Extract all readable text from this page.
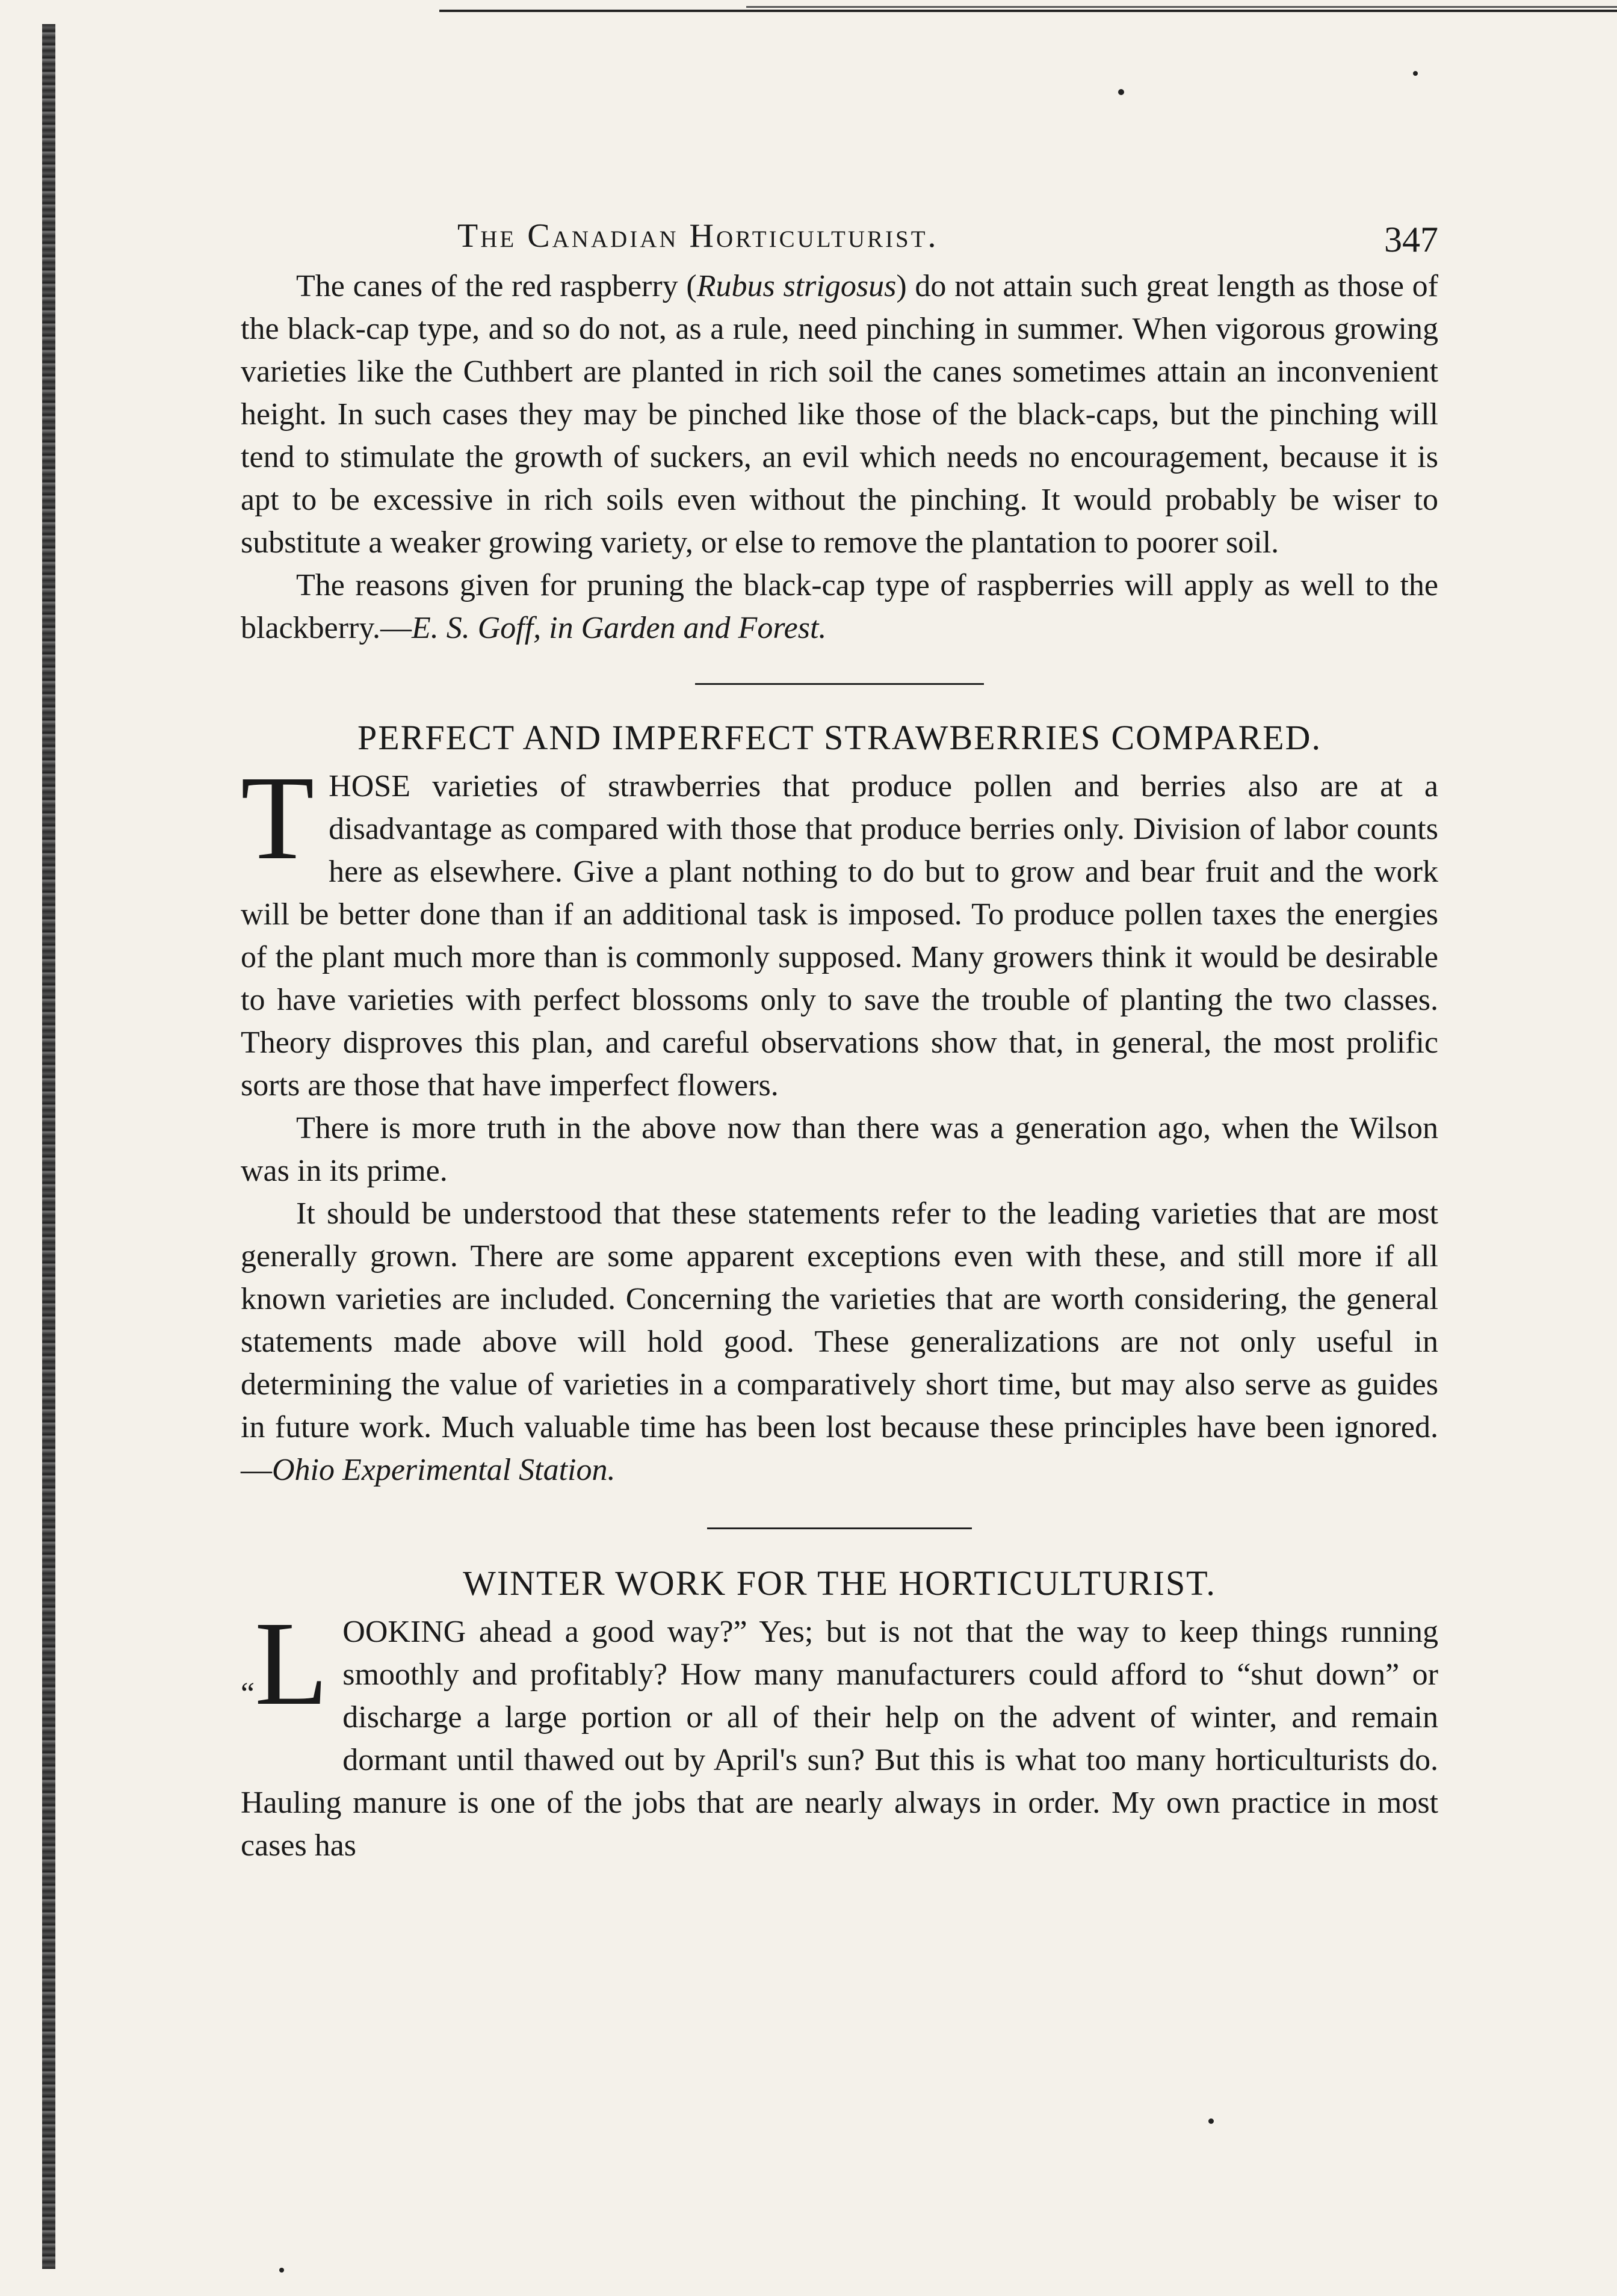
The Canadian Horticulturist.	347

The canes of the red raspberry (Rubus strigosus) do not attain such great length as those of the black-cap type, and so do not, as a rule, need pinching in summer. When vigorous growing varieties like the Cuthbert are planted in rich soil the canes sometimes attain an inconvenient height. In such cases they may be pinched like those of the black-caps, but the pinching will tend to stimulate the growth of suckers, an evil which needs no encouragement, because it is apt to be excessive in rich soils even without the pinching. It would probably be wiser to substitute a weaker growing variety, or else to remove the plantation to poorer soil.

The reasons given for pruning the black-cap type of raspberries will apply as well to the blackberry.—E. S. Goff, in Garden and Forest.

PERFECT AND IMPERFECT STRAWBERRIES COMPARED.

THOSE varieties of strawberries that produce pollen and berries also are at a disadvantage as compared with those that produce berries only. Division of labor counts here as elsewhere. Give a plant nothing to do but to grow and bear fruit and the work will be better done than if an additional task is imposed. To produce pollen taxes the energies of the plant much more than is commonly supposed. Many growers think it would be desirable to have varieties with perfect blossoms only to save the trouble of planting the two classes. Theory disproves this plan, and careful observations show that, in general, the most prolific sorts are those that have imperfect flowers.

There is more truth in the above now than there was a generation ago, when the Wilson was in its prime.

It should be understood that these statements refer to the leading varieties that are most generally grown. There are some apparent exceptions even with these, and still more if all known varieties are included. Concerning the varieties that are worth considering, the general statements made above will hold good. These generalizations are not only useful in determining the value of varieties in a comparatively short time, but may also serve as guides in future work. Much valuable time has been lost because these principles have been ignored.—Ohio Experimental Station.

WINTER WORK FOR THE HORTICULTURIST.

“L OOKING ahead a good way?” Yes; but is not that the way to keep things running smoothly and profitably? How many manufacturers could afford to “shut down” or discharge a large portion or all of their help on the advent of winter, and remain dormant until thawed out by April's sun? But this is what too many horticulturists do. Hauling manure is one of the jobs that are nearly always in order. My own practice in most cases has
